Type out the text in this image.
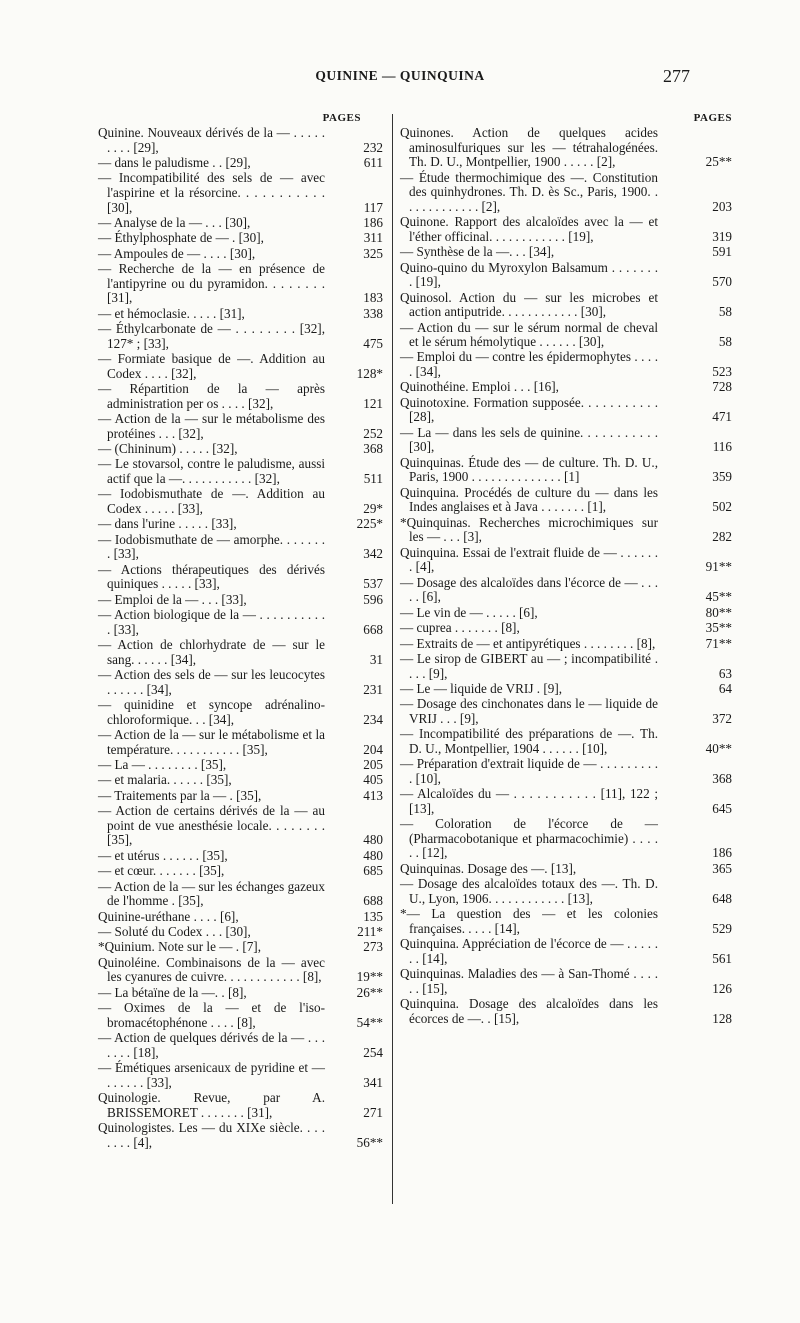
QUININE — QUINQUINA	277
PAGES
Quinine. Nouveaux dérivés de la — . . . . . . . . . [29],	232
— dans le paludisme . . [29],	611
— Incompatibilité des sels de — avec l'aspirine et la résorcine. . . . . . . . . . . [30],	117
— Analyse de la — . . . [30],	186
— Éthylphosphate de — . [30],	311
— Ampoules de — . . . . [30],	325
— Recherche de la — en présence de l'antipyrine ou du pyramidon. . . . . . . . [31],	183
— et hémoclasie. . . . . [31],	338
— Éthylcarbonate de — . . . . . . . . [32], 127* ; [33],	475
— Formiate basique de —. Addition au Codex . . . . [32],	128*
— Répartition de la — après administration per os . . . . [32],	121
— Action de la — sur le métabolisme des protéines . . . [32],	252
— (Chininum) . . . . . [32],	368
— Le stovarsol, contre le paludisme, aussi actif que la —. . . . . . . . . . . [32],	511
— Iodobismuthate de —. Addition au Codex . . . . . [33],	29*
— dans l'urine . . . . . [33],	225*
— Iodobismuthate de — amorphe. . . . . . . . [33],	342
— Actions thérapeutiques des dérivés quiniques . . . . . [33],	537
— Emploi de la — . . . [33],	596
— Action biologique de la — . . . . . . . . . . . [33],	668
— Action de chlorhydrate de — sur le sang. . . . . . [34],	31
— Action des sels de — sur les leucocytes . . . . . . [34],	231
— quinidine et syncope adrénalino-chloroformique. . . [34],	234
— Action de la — sur le métabolisme et la température. . . . . . . . . . . [35],	204
— La — . . . . . . . . [35],	205
— et malaria. . . . . . [35],	405
— Traitements par la — . [35],	413
— Action de certains dérivés de la — au point de vue anesthésie locale. . . . . . . . [35],	480
— et utérus . . . . . . [35],	480
— et cœur. . . . . . . [35],	685
— Action de la — sur les échanges gazeux de l'homme . [35],	688
Quinine-uréthane . . . . [6],	135
— Soluté du Codex . . . [30],	211*
*Quinium. Note sur le — . [7],	273
Quinoléine. Combinaisons de la — avec les cyanures de cuivre. . . . . . . . . . . . [8],	19**
— La bétaïne de la —. . [8],	26**
— Oximes de la — et de l'iso-bromacétophénone . . . . [8],	54**
— Action de quelques dérivés de la — . . . . . . . [18],	254
— Émétiques arsenicaux de pyridine et — . . . . . . [33],	341
Quinologie. Revue, par A. BRISSEMORET . . . . . . . [31],	271
Quinologistes. Les — du XIXe siècle. . . . . . . . [4],	56**
PAGES
Quinones. Action de quelques acides aminosulfuriques sur les — tétrahalogénées. Th. D. U., Montpellier, 1900 . . . . . [2],	25**
— Étude thermochimique des —. Constitution des quinhydrones. Th. D. ès Sc., Paris, 1900. . . . . . . . . . . . . [2],	203
Quinone. Rapport des alcaloïdes avec la — et l'éther officinal. . . . . . . . . . . . [19],	319
— Synthèse de la —. . . [34],	591
Quino-quino du Myroxylon Balsamum . . . . . . . . [19],	570
Quinosol. Action du — sur les microbes et action antiputride. . . . . . . . . . . . [30],	58
— Action du — sur le sérum normal de cheval et le sérum hémolytique . . . . . . [30],	58
— Emploi du — contre les épidermophytes . . . . . [34],	523
Quinothéine. Emploi . . . [16],	728
Quinotoxine. Formation supposée. . . . . . . . . . . [28],	471
— La — dans les sels de quinine. . . . . . . . . . . [30],	116
Quinquinas. Étude des — de culture. Th. D. U., Paris, 1900 . . . . . . . . . . . . . . [1]	359
Quinquina. Procédés de culture du — dans les Indes anglaises et à Java . . . . . . . [1],	502
*Quinquinas. Recherches microchimiques sur les — . . . [3],	282
Quinquina. Essai de l'extrait fluide de — . . . . . . . [4],	91**
— Dosage des alcaloïdes dans l'écorce de — . . . . . [6],	45**
— Le vin de — . . . . . [6],	80**
— cuprea . . . . . . . [8],	35**
— Extraits de — et antipyrétiques . . . . . . . . [8],	71**
— Le sirop de GIBERT au — ; incompatibilité . . . . [9],	63
— Le — liquide de VRIJ . [9],	64
— Dosage des cinchonates dans le — liquide de VRIJ . . . [9],	372
— Incompatibilité des préparations de —. Th. D. U., Montpellier, 1904 . . . . . . [10],	40**
— Préparation d'extrait liquide de — . . . . . . . . . . [10],	368
— Alcaloïdes du — . . . . . . . . . . . [11], 122 ; [13],	645
— Coloration de l'écorce de — (Pharmacobotanique et pharmacochimie) . . . . . . [12],	186
Quinquinas. Dosage des —. [13],	365
— Dosage des alcaloïdes totaux des —. Th. D. U., Lyon, 1906. . . . . . . . . . . . [13],	648
*— La question des — et les colonies françaises. . . . . [14],	529
Quinquina. Appréciation de l'écorce de — . . . . . . . [14],	561
Quinquinas. Maladies des — à San-Thomé . . . . . . [15],	126
Quinquina. Dosage des alcaloïdes dans les écorces de —. . [15],	128
